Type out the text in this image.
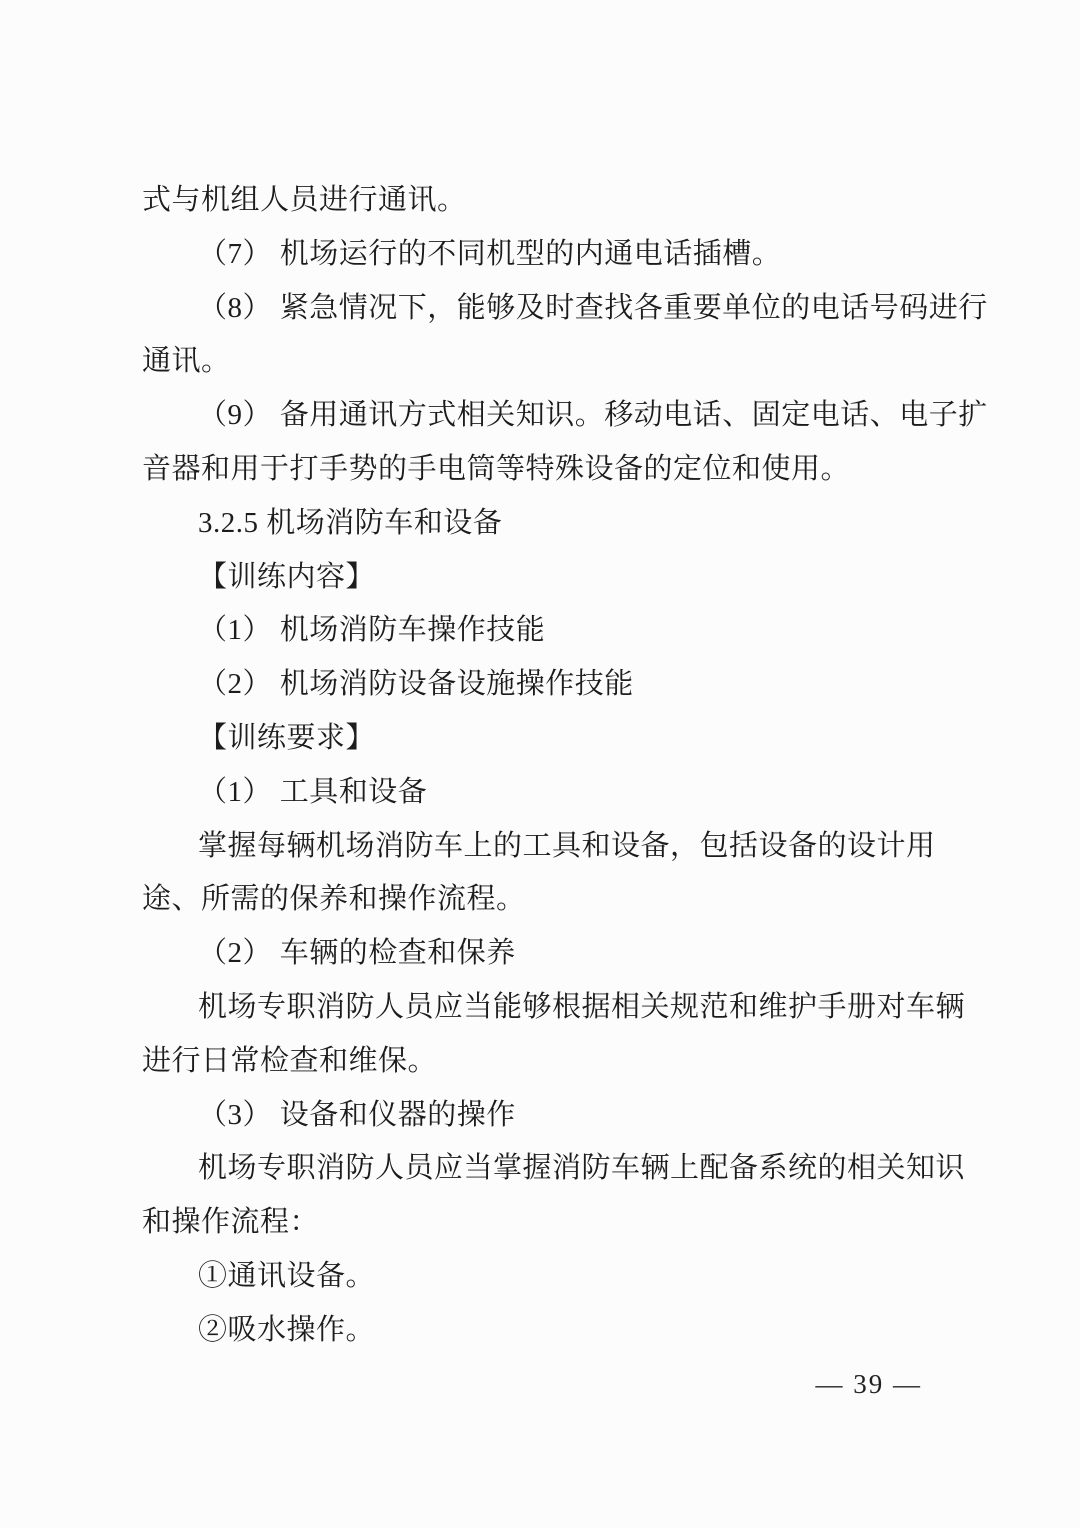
式与机组人员进行通讯。
（7） 机场运行的不同机型的内通电话插槽。
（8） 紧急情况下，能够及时查找各重要单位的电话号码进行
通讯。
（9） 备用通讯方式相关知识。移动电话、固定电话、电子扩
音器和用于打手势的手电筒等特殊设备的定位和使用。
3.2.5 机场消防车和设备
【训练内容】
（1） 机场消防车操作技能
（2） 机场消防设备设施操作技能
【训练要求】
（1） 工具和设备
掌握每辆机场消防车上的工具和设备，包括设备的设计用
途、所需的保养和操作流程。
（2） 车辆的检查和保养
机场专职消防人员应当能够根据相关规范和维护手册对车辆
进行日常检查和维保。
（3） 设备和仪器的操作
机场专职消防人员应当掌握消防车辆上配备系统的相关知识
和操作流程：
①通讯设备。
②吸水操作。
— 39 —
